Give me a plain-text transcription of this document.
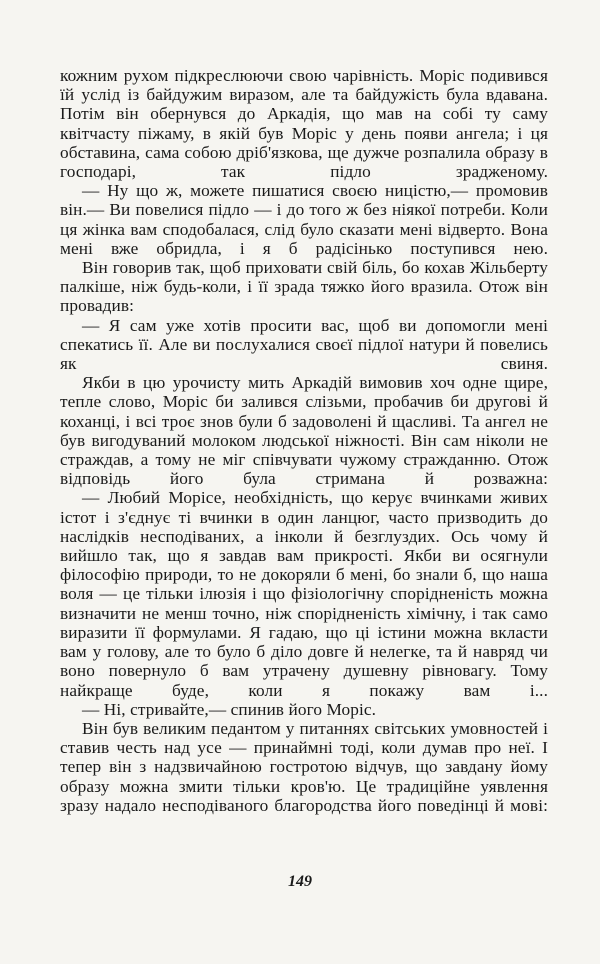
кожним рухом підкреслюючи свою чарівність. Моріс подивився їй услід із байдужим виразом, але та байдужість була вдавана. Потім він обернувся до Аркадія, що мав на собі ту саму квітчасту піжаму, в якій був Моріс у день появи ангела; і ця обставина, сама собою дріб'язкова, ще дужче розпалила образу в господарі, так підло зрадженому.

— Ну що ж, можете пишатися своєю ницістю,— промовив він.— Ви повелися підло — і до того ж без ніякої потреби. Коли ця жінка вам сподобалася, слід було сказати мені відверто. Вона мені вже обридла, і я б радісінько поступився нею.

Він говорив так, щоб приховати свій біль, бо кохав Жільберту палкіше, ніж будь-коли, і її зрада тяжко його вразила. Отож він провадив:

— Я сам уже хотів просити вас, щоб ви допомогли мені спекатись її. Але ви послухалися своєї підлої натури й повелись як свиня.

Якби в цю урочисту мить Аркадій вимовив хоч одне щире, тепле слово, Моріс би залився слізьми, пробачив би другові й коханці, і всі троє знов були б задоволені й щасливі. Та ангел не був вигодуваний молоком людської ніжності. Він сам ніколи не страждав, а тому не міг співчувати чужому стражданню. Отож відповідь його була стримана й розважна:

— Любий Морісе, необхідність, що керує вчинками живих істот і з'єднує ті вчинки в один ланцюг, часто призводить до наслідків несподіваних, а інколи й безглуздих. Ось чому й вийшло так, що я завдав вам прикрості. Якби ви осягнули філософію природи, то не докоряли б мені, бо знали б, що наша воля — це тільки ілюзія і що фізіологічну спорідненість можна визначити не менш точно, ніж спорідненість хімічну, і так само виразити її формулами. Я гадаю, що ці істини можна вкласти вам у голову, але то було б діло довге й нелегке, та й навряд чи воно повернуло б вам утрачену душевну рівновагу. Тому найкраще буде, коли я покажу вам і...

— Ні, стривайте,— спинив його Моріс.

Він був великим педантом у питаннях світських умовностей і ставив честь над усе — принаймні тоді, коли думав про неї. І тепер він з надзвичайною гостротою відчув, що завдану йому образу можна змити тільки кров'ю. Це традиційне уявлення зразу надало несподіваного благородства його поведінці й мові:

149
